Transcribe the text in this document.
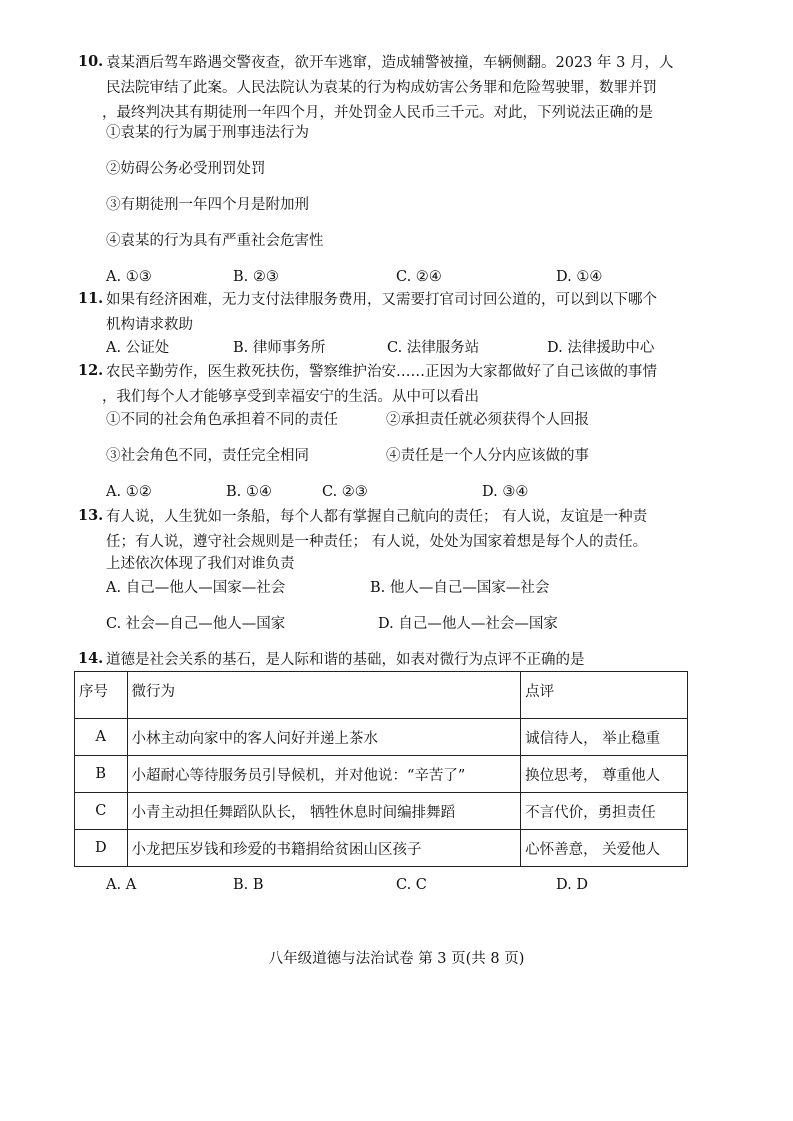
10. 袁某酒后驾车路遇交警夜查，欲开车逃窜，造成辅警被撞，车辆侧翻。2023 年 3 月，人
民法院审结了此案。人民法院认为袁某的行为构成妨害公务罪和危险驾驶罪，数罪并罚
，最终判决其有期徒刑一年四个月，并处罚金人民币三千元。对此，下列说法正确的是
①袁某的行为属于刑事违法行为
②妨碍公务必受刑罚处罚
③有期徒刑一年四个月是附加刑
④袁某的行为具有严重社会危害性
A. ①③	B. ②③	C. ②④	D. ①④
11. 如果有经济困难，无力支付法律服务费用，又需要打官司讨回公道的，可以到以下哪个
机构请求救助
A. 公证处	B. 律师事务所	C. 法律服务站	D. 法律援助中心
12. 农民辛勤劳作，医生救死扶伤，警察维护治安……正因为大家都做好了自己该做的事情
，我们每个人才能够享受到幸福安宁的生活。从中可以看出
①不同的社会角色承担着不同的责任	②承担责任就必须获得个人回报
③社会角色不同，责任完全相同	④责任是一个人分内应该做的事
A. ①②	B. ①④	C. ②③	D. ③④
13. 有人说，人生犹如一条船，每个人都有掌握自己航向的责任； 有人说，友谊是一种责
任；有人说，遵守社会规则是一种责任； 有人说，处处为国家着想是每个人的责任。
上述依次体现了我们对谁负责
A. 自己—他人—国家—社会	B. 他人—自己—国家—社会
C. 社会—自己—他人—国家	D. 自己—他人—社会—国家
14. 道德是社会关系的基石，是人际和谐的基础，如表对微行为点评不正确的是
序号	微行为	点评
A	小林主动向家中的客人问好并递上茶水	诚信待人， 举止稳重
B	小超耐心等待服务员引导候机，并对他说：“辛苦了”	换位思考， 尊重他人
C	小青主动担任舞蹈队队长， 牺牲休息时间编排舞蹈	不言代价，勇担责任
D	小龙把压岁钱和珍爱的书籍捐给贫困山区孩子	心怀善意， 关爱他人
A. A	B. B	C. C	D. D
八年级道德与法治试卷 第 3 页(共 8 页)
